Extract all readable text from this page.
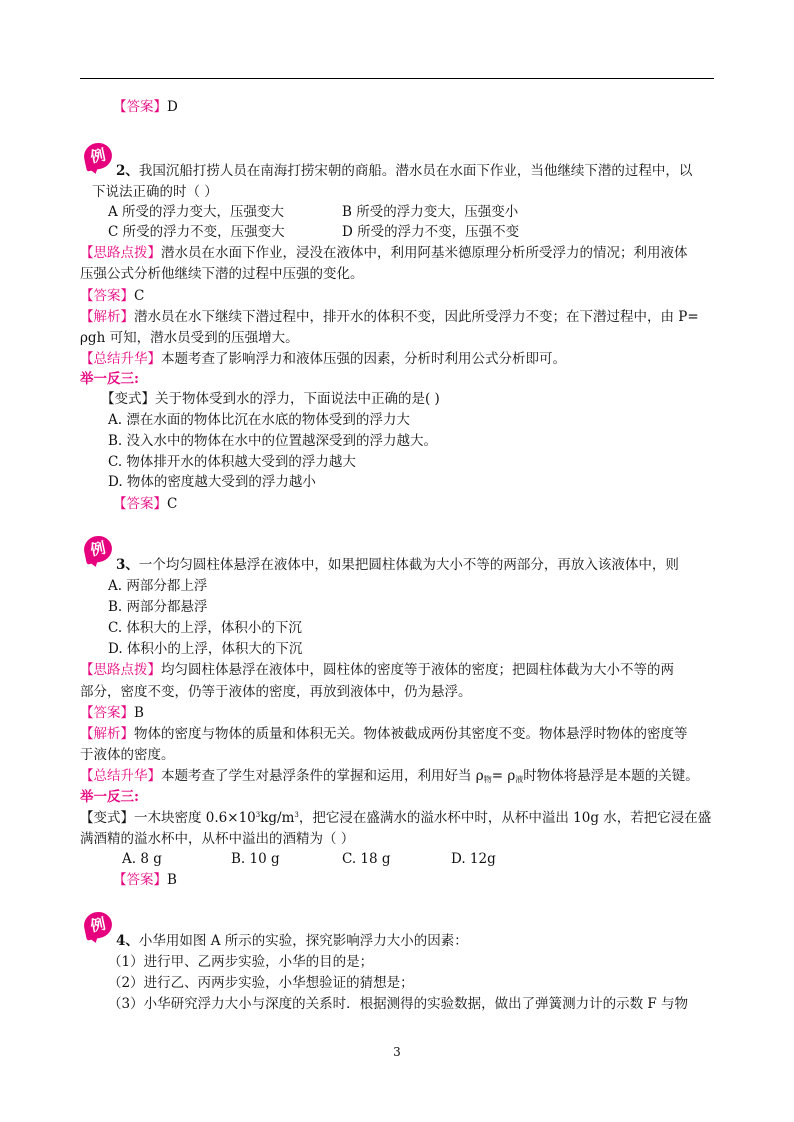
【答案】D
例
2、我国沉船打捞人员在南海打捞宋朝的商船。潜水员在水面下作业，当他继续下潜的过程中，以
下说法正确的时（ ）
A 所受的浮力变大，压强变大	B 所受的浮力变大，压强变小
C 所受的浮力不变，压强变大	D 所受的浮力不变，压强不变
【思路点拨】潜水员在水面下作业，浸没在液体中，利用阿基米德原理分析所受浮力的情况；利用液体
压强公式分析他继续下潜的过程中压强的变化。
【答案】C
【解析】潜水员在水下继续下潜过程中，排开水的体积不变，因此所受浮力不变；在下潜过程中，由 P=
ρgh 可知，潜水员受到的压强增大。
【总结升华】本题考查了影响浮力和液体压强的因素，分析时利用公式分析即可。
举一反三:
【变式】关于物体受到水的浮力，下面说法中正确的是( )
A. 漂在水面的物体比沉在水底的物体受到的浮力大
B. 没入水中的物体在水中的位置越深受到的浮力越大。
C. 物体排开水的体积越大受到的浮力越大
D. 物体的密度越大受到的浮力越小
【答案】C
例
3、一个均匀圆柱体悬浮在液体中，如果把圆柱体截为大小不等的两部分，再放入该液体中，则
A. 两部分都上浮
B. 两部分都悬浮
C. 体积大的上浮，体积小的下沉
D. 体积小的上浮，体积大的下沉
【思路点拨】均匀圆柱体悬浮在液体中，圆柱体的密度等于液体的密度；把圆柱体截为大小不等的两
部分，密度不变，仍等于液体的密度，再放到液体中，仍为悬浮。
【答案】B
【解析】物体的密度与物体的质量和体积无关。物体被截成两份其密度不变。物体悬浮时物体的密度等
于液体的密度。
【总结升华】本题考查了学生对悬浮条件的掌握和运用，利用好当 ρ物= ρ液时物体将悬浮是本题的关键。
举一反三:
【变式】一木块密度 $0.6\times 10^3kg/m^3$，把它浸在盛满水的溢水杯中时，从杯中溢出 10g 水，若把它浸在盛
满酒精的溢水杯中，从杯中溢出的酒精为（ ）
A. 8 g	B. 10 g	C. 18 g	D. 12g
【答案】B
例
4、小华用如图 A 所示的实验，探究影响浮力大小的因素：
（1）进行甲、乙两步实验，小华的目的是；
（2）进行乙、丙两步实验，小华想验证的猜想是；
（3）小华研究浮力大小与深度的关系时．根据测得的实验数据，做出了弹簧测力计的示数 F 与物
3
